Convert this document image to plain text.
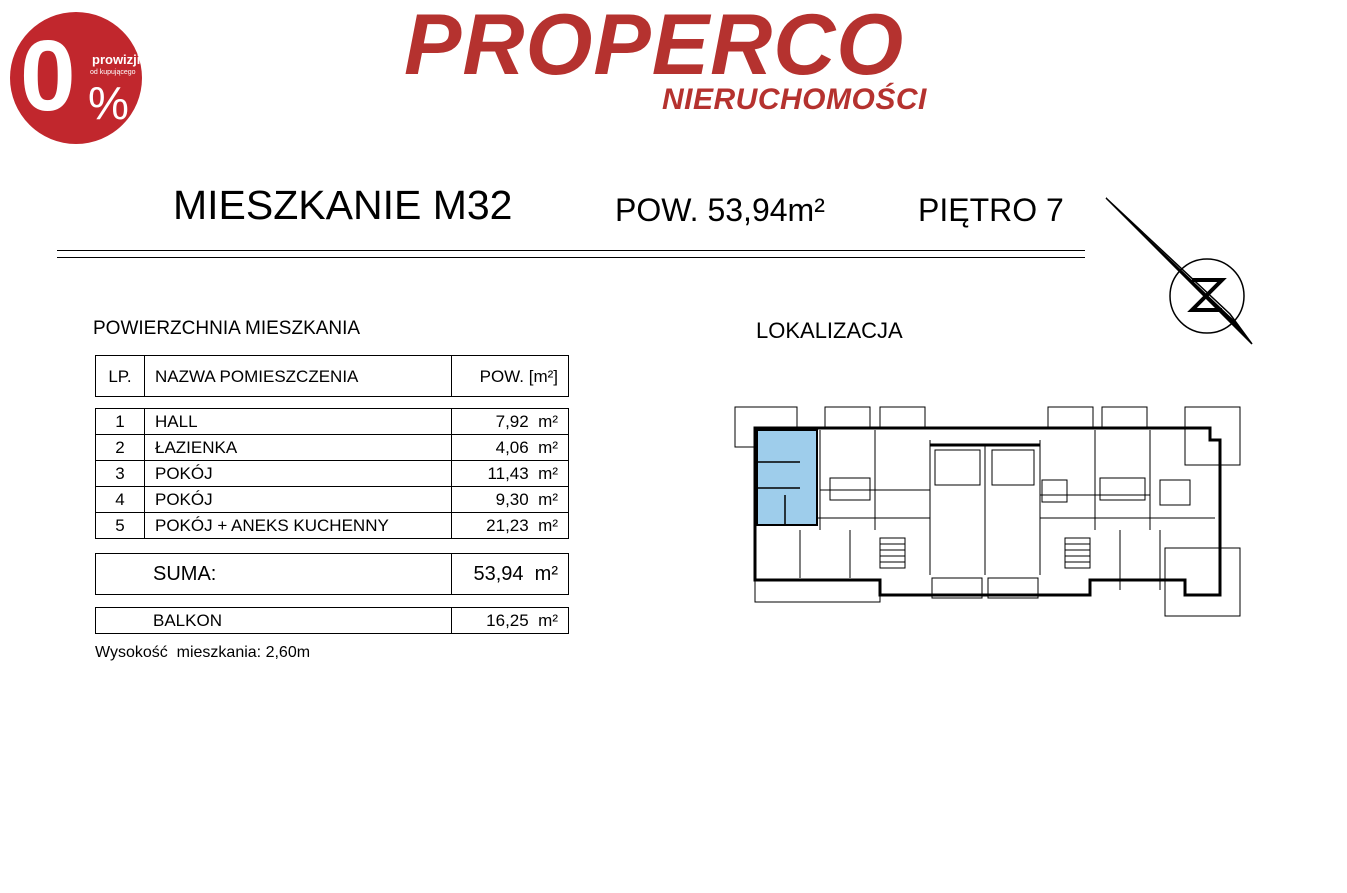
0 prowizji
od kupującego
%
PROPERCO
NIERUCHOMOŚCI
MIESZKANIE M32	POW. 53,94m²	PIĘTRO 7
POWIERZCHNIA MIESZKANIA
LP.	NAZWA POMIESZCZENIA	POW. [m²]
1	HALL	7,92 m²
2	ŁAZIENKA	4,06 m²
3	POKÓJ	11,43 m²
4	POKÓJ	9,30 m²
5	POKÓJ + ANEKS KUCHENNY	21,23 m²
SUMA:	53,94 m²
BALKON	16,25 m²
Wysokość  mieszkania: 2,60m
LOKALIZACJA
